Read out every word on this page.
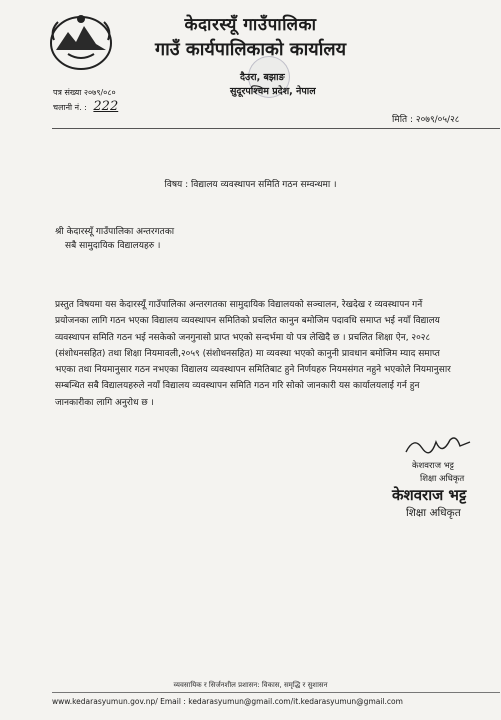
केदारस्यूँ गाउँपालिका
गाउँ कार्यपालिकाको कार्यालय
दैउरा, बझाङ
सुदूरपश्चिम प्रदेश, नेपाल
पत्र संख्या २०७९/०८०
चलानी नं. : 222
मिति : २०७९/०५/२८
विषय : विद्यालय व्यवस्थापन समिति गठन सम्वन्धमा ।
श्री केदारस्यूँ गाउँपालिका अन्तरगतका
सबै सामुदायिक विद्यालयहरु ।
प्रस्तुत विषयमा यस केदारस्यूँ गाउँपालिका अन्तरगतका सामुदायिक विद्यालयको सञ्चालन, रेखदेख र व्यवस्थापन गर्ने
प्रयोजनका लागि गठन भएका विद्यालय व्यवस्थापन समितिको प्रचलित कानुन बमोजिम पदावधि समाप्त भई नयाँ विद्यालय
व्यवस्थापन समिति गठन भई नसकेको जनगुनासो प्राप्त भएको सन्दर्भमा यो पत्र लेखिदै छ । प्रचलित शिक्षा ऐन, २०२८
(संशोधनसहित) तथा शिक्षा नियमावली,२०५९ (संशोधनसहित) मा व्यवस्था भएको कानुनी प्रावधान बमोजिम म्याद समाप्त
भएका तथा नियमानुसार गठन नभएका विद्यालय व्यवस्थापन समितिबाट हुने निर्णयहरु नियमसंगत नहुने भएकोले नियमानुसार
सम्बन्धित सबै विद्यालयहरुले नयाँ विद्यालय व्यवस्थापन समिति गठन गरि सोको जानकारी यस कार्यालयलाई गर्न हुन
जानकारीका लागि अनुरोध छ ।
केशवराज भट्ट
शिक्षा अधिकृत
केशवराज भट्ट
शिक्षा अधिकृत
व्यवसायिक र सिर्जनशील प्रशासन: विकास, समृद्धि र सुशासन
www.kedarasyumun.gov.np/ Email : kedarasyumun@gmail.com/it.kedarasyumun@gmail.com
